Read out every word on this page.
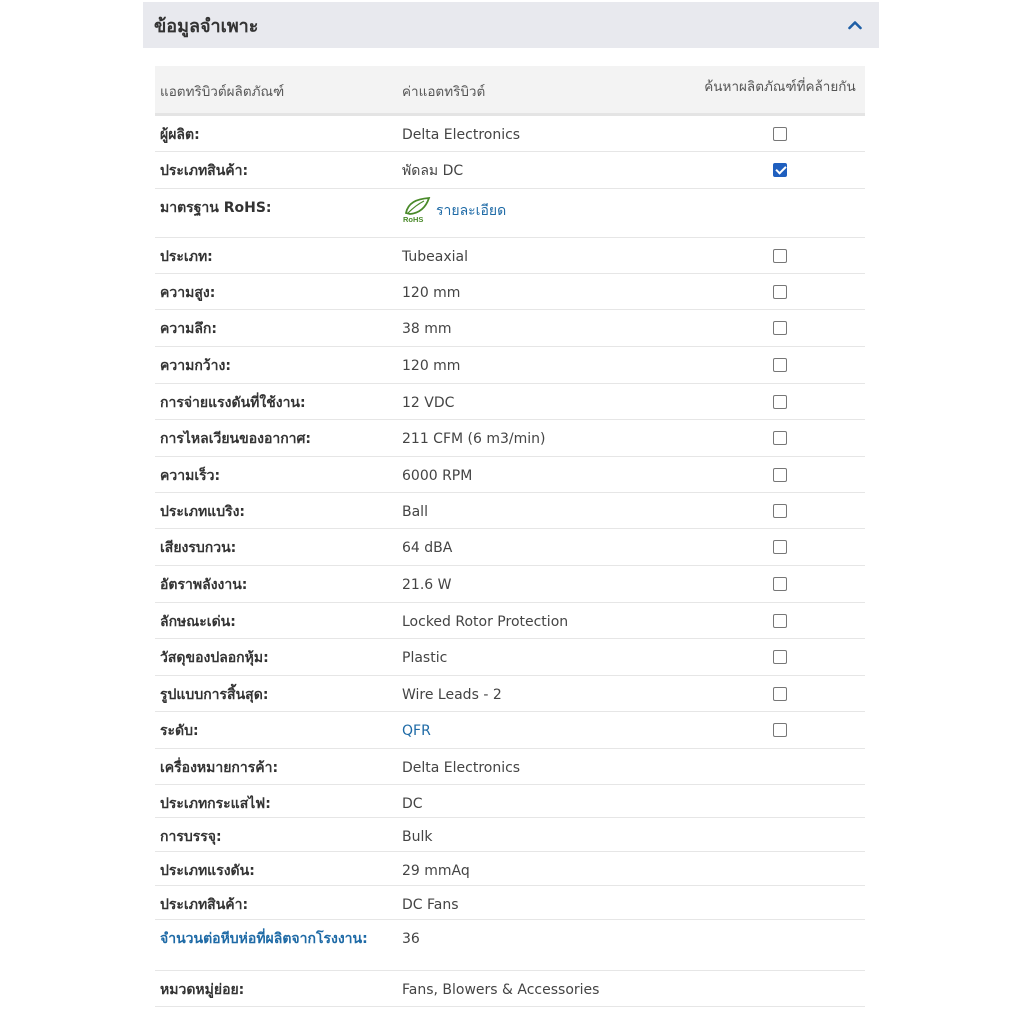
ข้อมูลจำเพาะ
แอตทริบิวต์ผลิตภัณฑ์	ค่าแอตทริบิวต์	ค้นหาผลิตภัณฑ์ที่คล้ายกัน

ผู้ผลิต:	Delta Electronics	

ประเภทสินค้า:	พัดลม DC	

มาตรฐาน RoHS:	RoHS
รายละเอียด	

ประเภท:	Tubeaxial	

ความสูง:	120 mm	

ความลึก:	38 mm	

ความกว้าง:	120 mm	

การจ่ายแรงดันที่ใช้งาน:	12 VDC	

การไหลเวียนของอากาศ:	211 CFM (6 m3/min)	

ความเร็ว:	6000 RPM	

ประเภทแบริง:	Ball	

เสียงรบกวน:	64 dBA	

อัตราพลังงาน:	21.6 W	

ลักษณะเด่น:	Locked Rotor Protection	

วัสดุของปลอกหุ้ม:	Plastic	

รูปแบบการสิ้นสุด:	Wire Leads - 2	

ระดับ:	QFR	

เครื่องหมายการค้า:	Delta Electronics	

ประเภทกระแสไฟ:	DC	

การบรรจุ:	Bulk	

ประเภทแรงดัน:	29 mmAq	

ประเภทสินค้า:	DC Fans	

จำนวนต่อหีบห่อที่ผลิตจากโรงงาน:	36	

หมวดหมู่ย่อย:	Fans, Blowers & Accessories	
